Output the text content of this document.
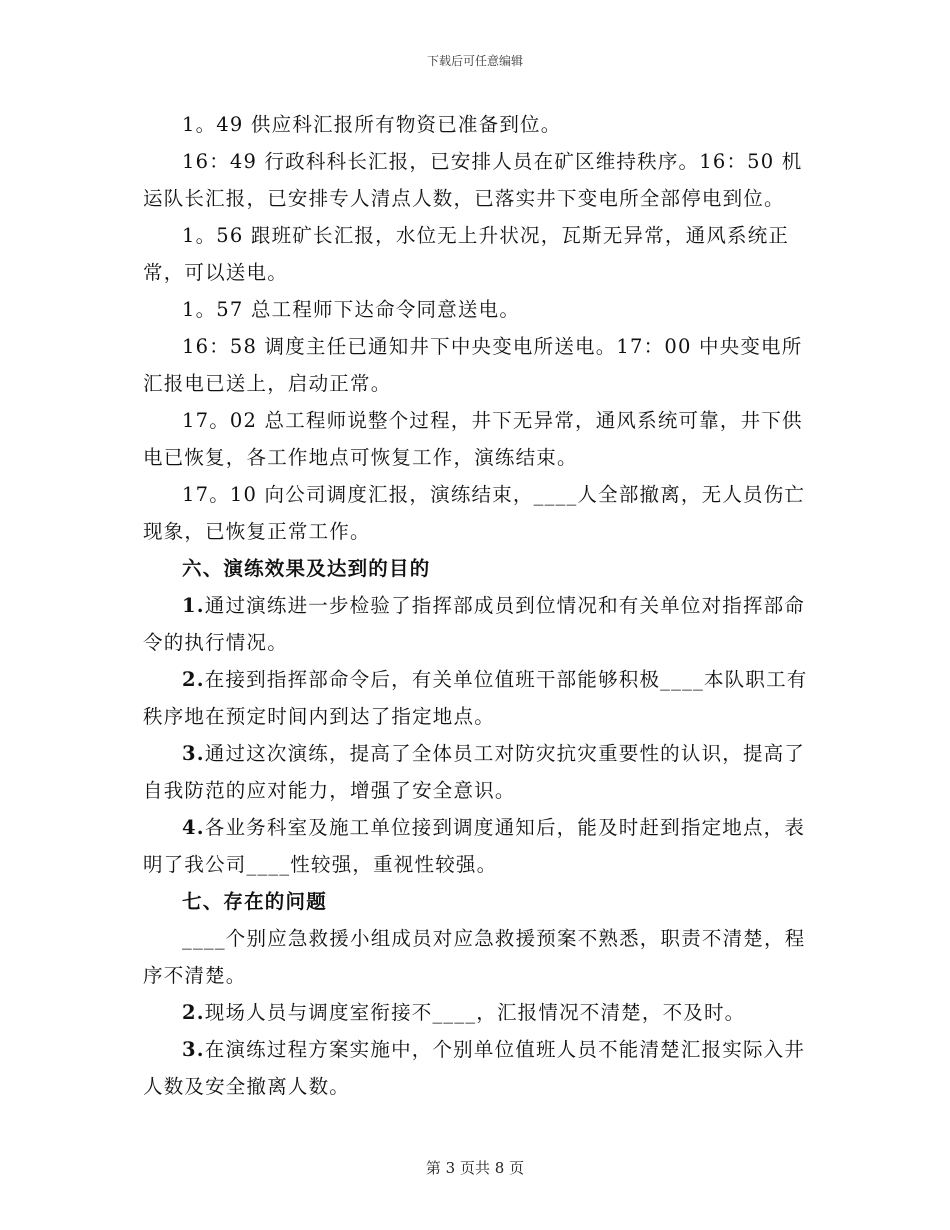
下载后可任意编辑

1。49 供应科汇报所有物资已准备到位。

16：49 行政科科长汇报，已安排人员在矿区维持秩序。16：50 机运队长汇报，已安排专人清点人数，已落实井下变电所全部停电到位。

1。56 跟班矿长汇报，水位无上升状况，瓦斯无异常，通风系统正常，可以送电。

1。57 总工程师下达命令同意送电。

16：58 调度主任已通知井下中央变电所送电。17：00 中央变电所汇报电已送上，启动正常。

17。02 总工程师说整个过程，井下无异常，通风系统可靠，井下供电已恢复，各工作地点可恢复工作，演练结束。

17。10 向公司调度汇报，演练结束，____人全部撤离，无人员伤亡现象，已恢复正常工作。

六、演练效果及达到的目的

1.通过演练进一步检验了指挥部成员到位情况和有关单位对指挥部命令的执行情况。

2.在接到指挥部命令后，有关单位值班干部能够积极____本队职工有秩序地在预定时间内到达了指定地点。

3.通过这次演练，提高了全体员工对防灾抗灾重要性的认识，提高了自我防范的应对能力，增强了安全意识。

4.各业务科室及施工单位接到调度通知后，能及时赶到指定地点，表明了我公司____性较强，重视性较强。

七、存在的问题

____个别应急救援小组成员对应急救援预案不熟悉，职责不清楚，程序不清楚。

2.现场人员与调度室衔接不____，汇报情况不清楚，不及时。

3.在演练过程方案实施中，个别单位值班人员不能清楚汇报实际入井人数及安全撤离人数。

第 3 页共 8 页
